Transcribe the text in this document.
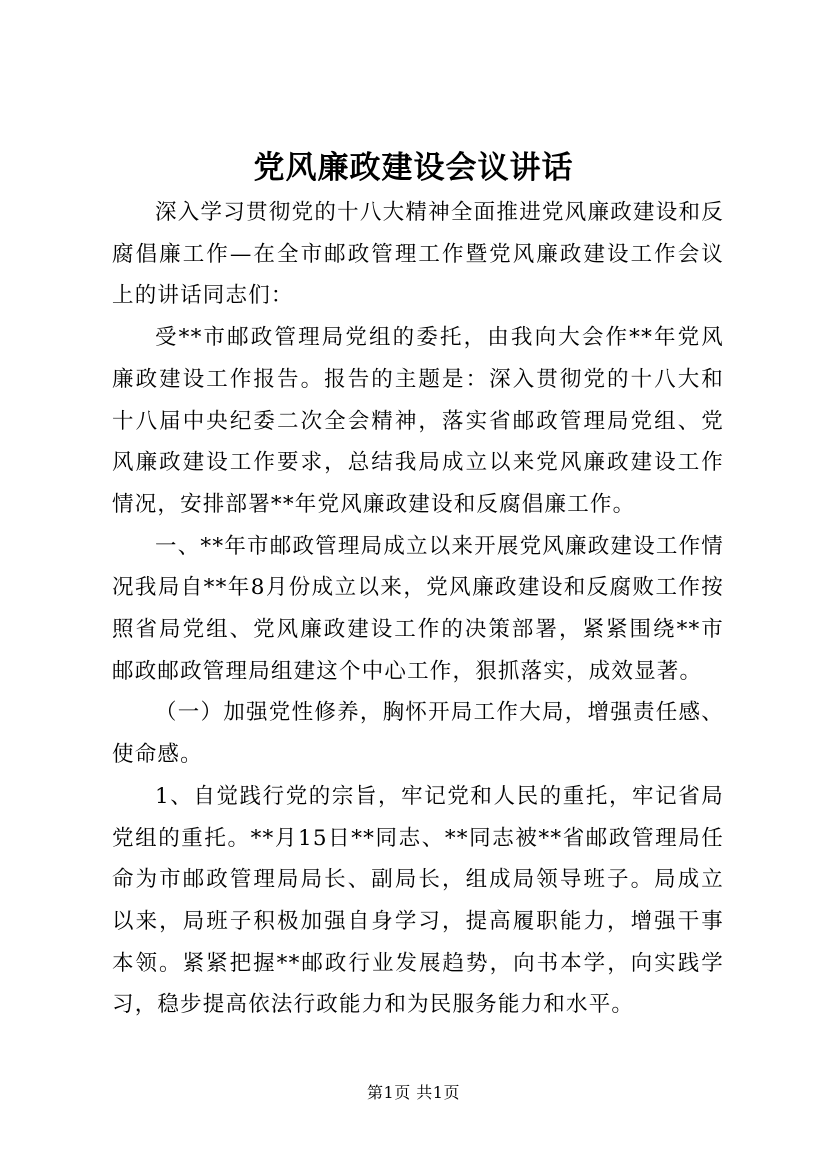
党风廉政建设会议讲话

深入学习贯彻党的十八大精神全面推进党风廉政建设和反腐倡廉工作—在全市邮政管理工作暨党风廉政建设工作会议上的讲话同志们：

受**市邮政管理局党组的委托，由我向大会作**年党风廉政建设工作报告。报告的主题是：深入贯彻党的十八大和十八届中央纪委二次全会精神，落实省邮政管理局党组、党风廉政建设工作要求，总结我局成立以来党风廉政建设工作情况，安排部署**年党风廉政建设和反腐倡廉工作。

一、**年市邮政管理局成立以来开展党风廉政建设工作情况我局自**年8月份成立以来，党风廉政建设和反腐败工作按照省局党组、党风廉政建设工作的决策部署，紧紧围绕**市邮政邮政管理局组建这个中心工作，狠抓落实，成效显著。

（一）加强党性修养，胸怀开局工作大局，增强责任感、使命感。

1、自觉践行党的宗旨，牢记党和人民的重托，牢记省局党组的重托。**月15日**同志、**同志被**省邮政管理局任命为市邮政管理局局长、副局长，组成局领导班子。局成立以来，局班子积极加强自身学习，提高履职能力，增强干事本领。紧紧把握**邮政行业发展趋势，向书本学，向实践学习，稳步提高依法行政能力和为民服务能力和水平。

第1页 共1页
